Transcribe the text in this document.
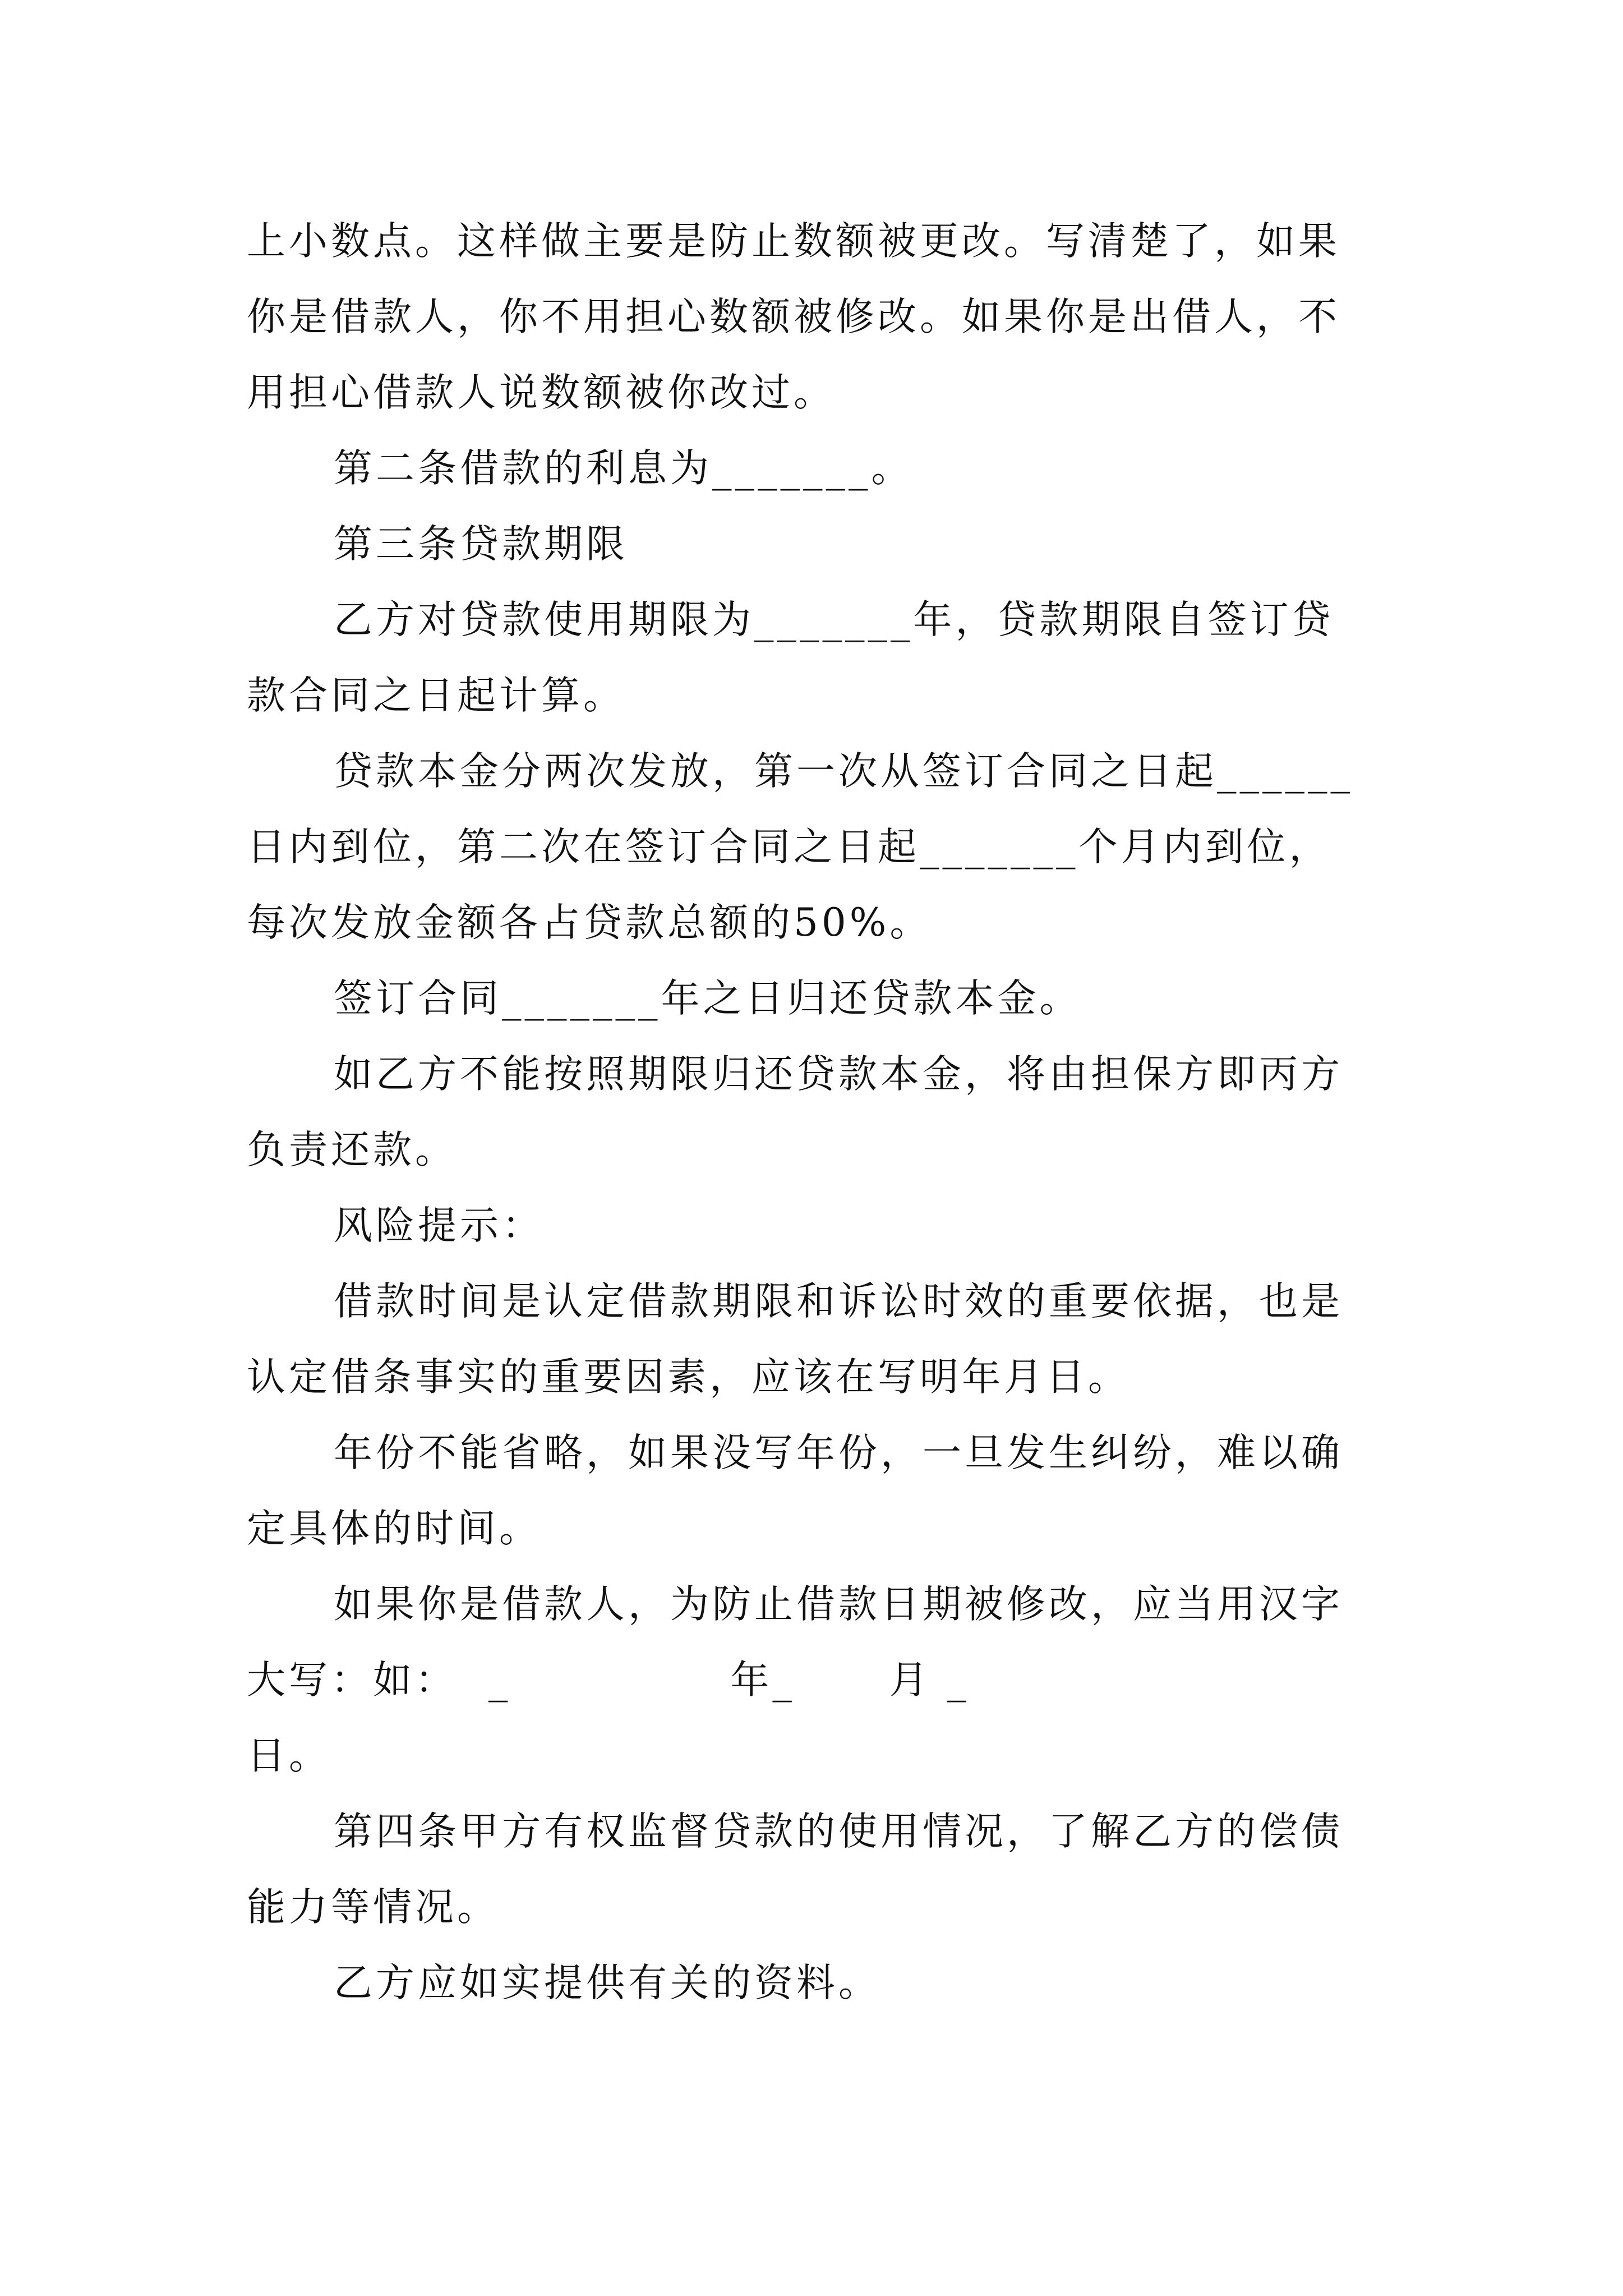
上小数点。这样做主要是防止数额被更改。写清楚了，如果
你是借款人，你不用担心数额被修改。如果你是出借人，不
用担心借款人说数额被你改过。
第二条借款的利息为_______。
第三条贷款期限
乙方对贷款使用期限为_______年，贷款期限自签订贷
款合同之日起计算。
贷款本金分两次发放，第一次从签订合同之日起______
日内到位，第二次在签订合同之日起_______个月内到位，
每次发放金额各占贷款总额的50%。
签订合同_______年之日归还贷款本金。
如乙方不能按照期限归还贷款本金，将由担保方即丙方
负责还款。
风险提示：
借款时间是认定借款期限和诉讼时效的重要依据，也是
认定借条事实的重要因素，应该在写明年月日。
年份不能省略，如果没写年份，一旦发生纠纷，难以确
定具体的时间。
如果你是借款人，为防止借款日期被修改，应当用汉字
大写：如：  _              年_      月 _
日。
第四条甲方有权监督贷款的使用情况，了解乙方的偿债
能力等情况。
乙方应如实提供有关的资料。
